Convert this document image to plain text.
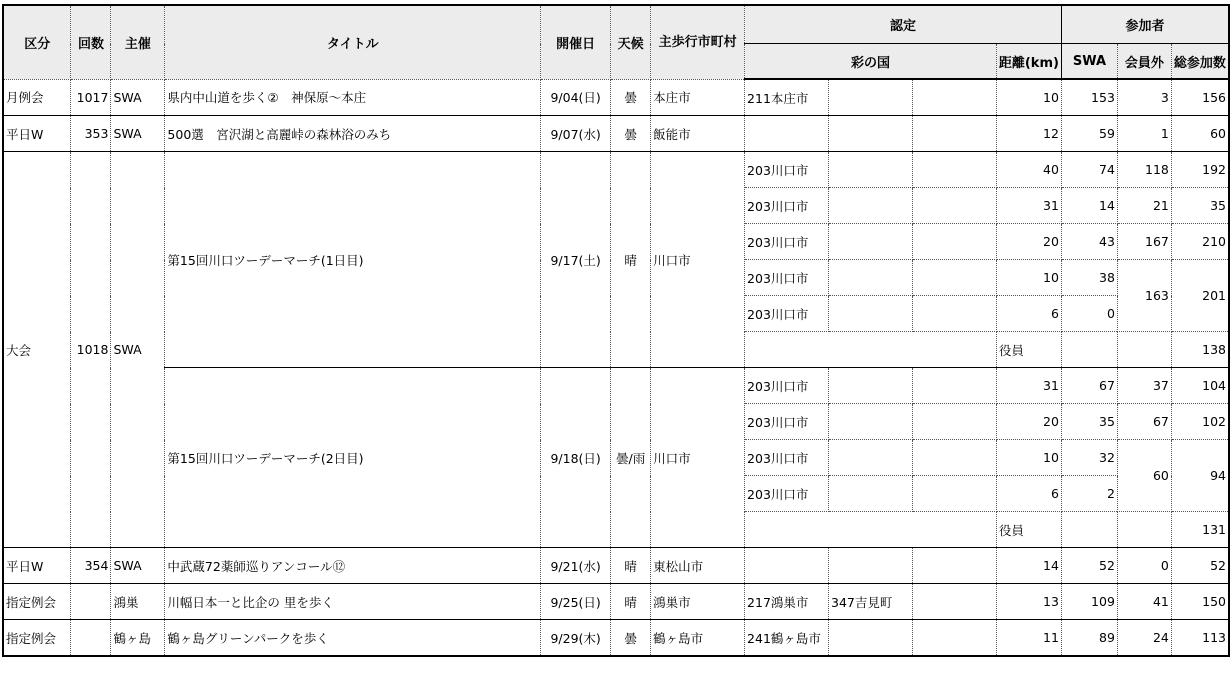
区分	回数	主催	タイトル	開催日	天候	主歩行市町村	認定				参加者		
							彩の国			距離(km)	SWA	会員外	総参加数
月例会	1017	SWA	県内中山道を歩く②　神保原～本庄	9/04(日)	曇	本庄市	211本庄市			10	153	3	156
平日W	353	SWA	500選　宮沢湖と高麗峠の森林浴のみち	9/07(水)	曇	飯能市				12	59	1	60
大会	1018	SWA	第15回川口ツーデーマーチ(1日目)	9/17(土)	晴	川口市	203川口市			40	74	118	192
							203川口市			31	14	21	35
							203川口市			20	43	167	210
							203川口市			10	38	163	201
							203川口市			6	0		
										役員			138
			第15回川口ツーデーマーチ(2日目)	9/18(日)	曇/雨	川口市	203川口市			31	67	37	104
							203川口市			20	35	67	102
							203川口市			10	32	60	94
							203川口市			6	2		
										役員			131
平日W	354	SWA	中武蔵72薬師巡りアンコール⑫	9/21(水)	晴	東松山市				14	52	0	52
指定例会		鴻巣	川幅日本一と比企の 里を歩く	9/25(日)	晴	鴻巣市	217鴻巣市	347吉見町		13	109	41	150
指定例会		鶴ヶ島	鶴ヶ島グリーンパークを歩く	9/29(木)	曇	鶴ヶ島市	241鶴ヶ島市			11	89	24	113
